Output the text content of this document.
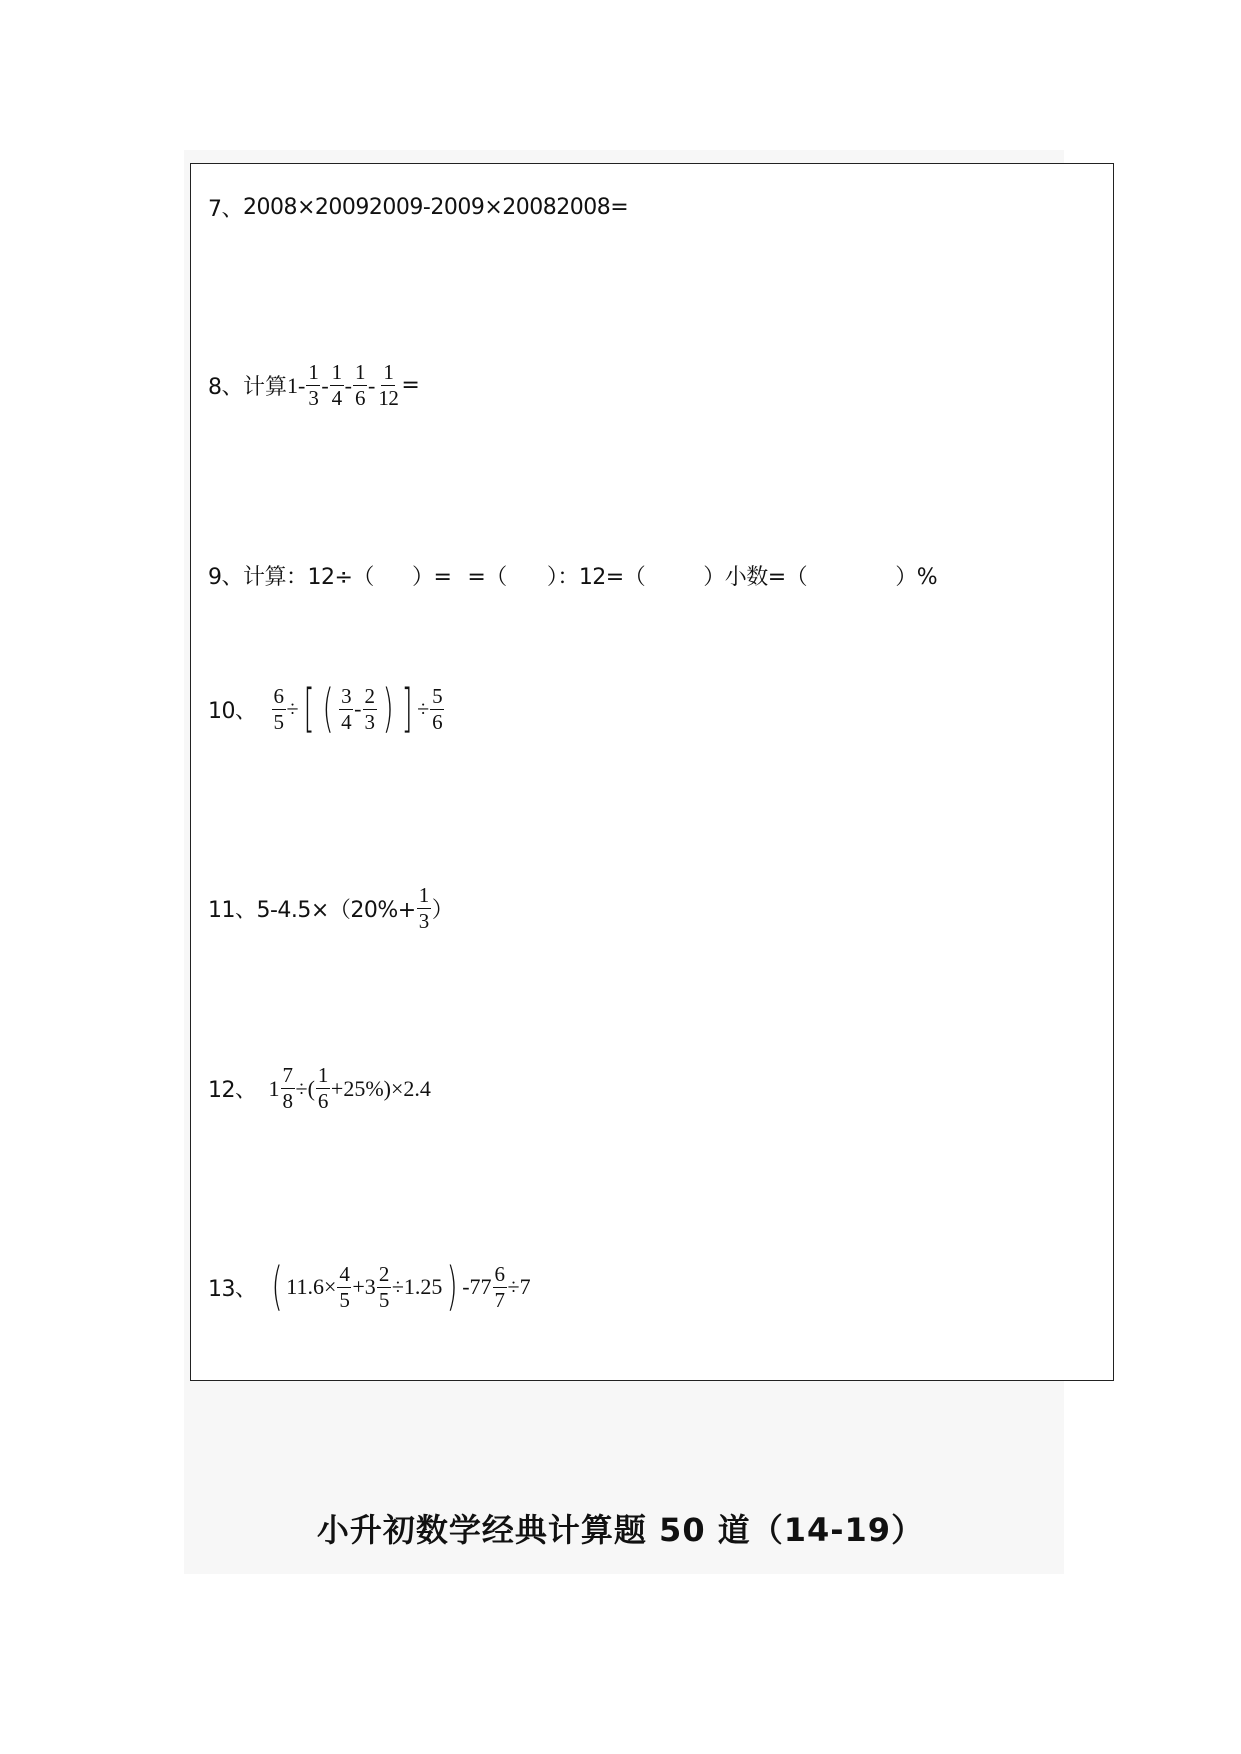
7、 2008×20092009-2009×20082008=
8、 计算 $1- \frac{1}{3} - \frac{1}{4} - \frac{1}{6} - \frac{1}{12}$ =
9、 计算：12÷（ ）= =（ ）：12=（	）小数=（	）%
10、 $\frac{6}{5}$ ÷ [ ( $\frac{3}{4} - \frac{2}{3}$ ) ] ÷ $\frac{5}{6}$
11、 $5-4.5\times(20\%+ \frac{1}{3}$ ）
12、 $1 \frac{7}{8}$ ÷( $\frac{1}{6} +25\%)\times 2.4$
13、 ( $11.6\times \frac{4}{5} +3 \frac{2}{5} \div 1.25$ ) $-77 \frac{6}{7} \div 7$
小升初数学经典计算题 50 道（14-19）
